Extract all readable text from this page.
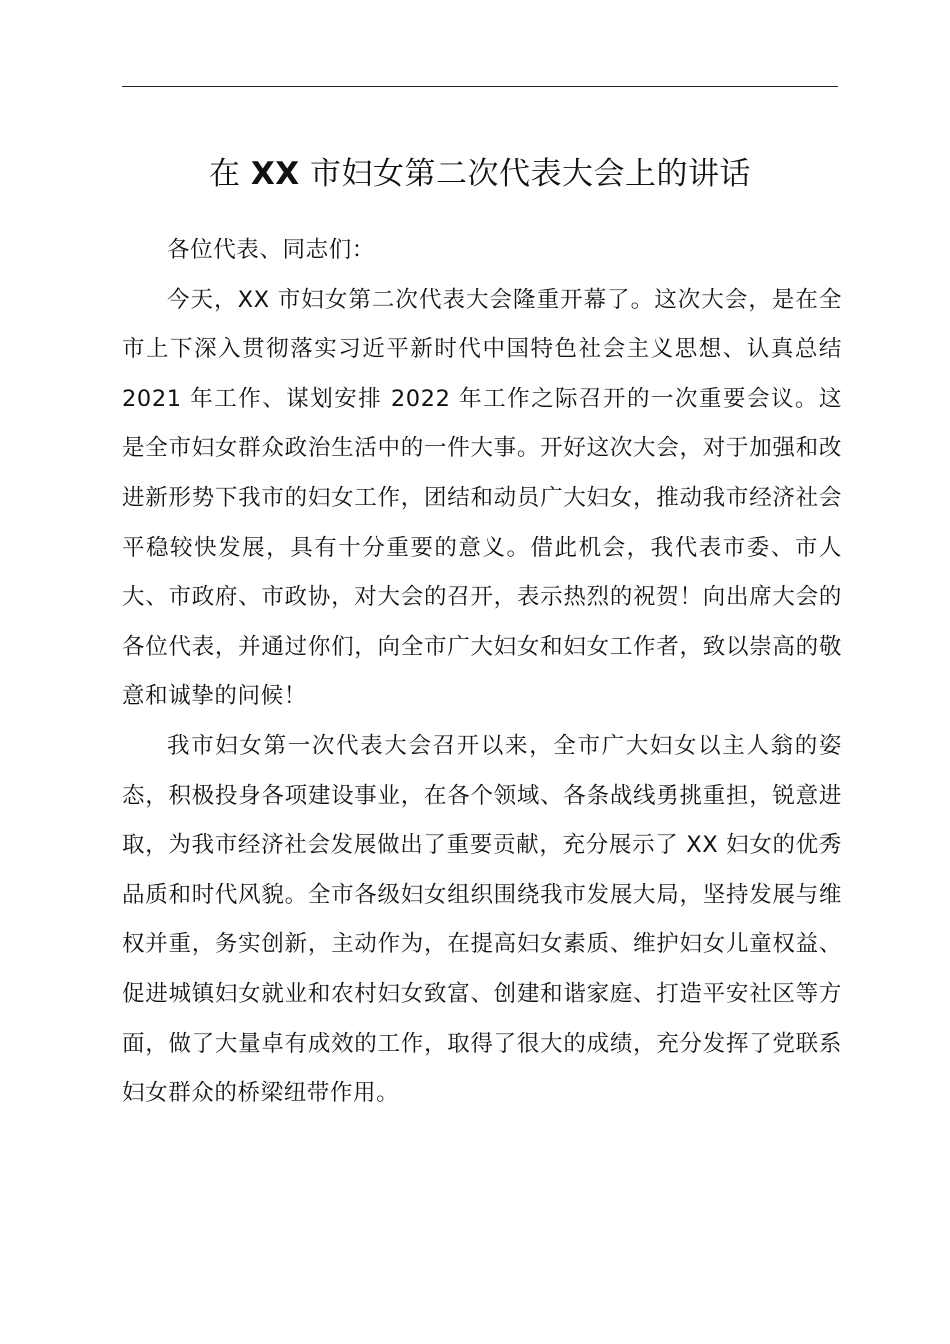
在 XX 市妇女第二次代表大会上的讲话

各位代表、同志们：

今天，XX 市妇女第二次代表大会隆重开幕了。这次大会，是在全市上下深入贯彻落实习近平新时代中国特色社会主义思想、认真总结 2021 年工作、谋划安排 2022 年工作之际召开的一次重要会议。这是全市妇女群众政治生活中的一件大事。开好这次大会，对于加强和改进新形势下我市的妇女工作，团结和动员广大妇女，推动我市经济社会平稳较快发展，具有十分重要的意义。借此机会，我代表市委、市人大、市政府、市政协，对大会的召开，表示热烈的祝贺！向出席大会的各位代表，并通过你们，向全市广大妇女和妇女工作者，致以崇高的敬意和诚挚的问候！

我市妇女第一次代表大会召开以来，全市广大妇女以主人翁的姿态，积极投身各项建设事业，在各个领域、各条战线勇挑重担，锐意进取，为我市经济社会发展做出了重要贡献，充分展示了 XX 妇女的优秀品质和时代风貌。全市各级妇女组织围绕我市发展大局，坚持发展与维权并重，务实创新，主动作为，在提高妇女素质、维护妇女儿童权益、促进城镇妇女就业和农村妇女致富、创建和谐家庭、打造平安社区等方面，做了大量卓有成效的工作，取得了很大的成绩，充分发挥了党联系妇女群众的桥梁纽带作用。
